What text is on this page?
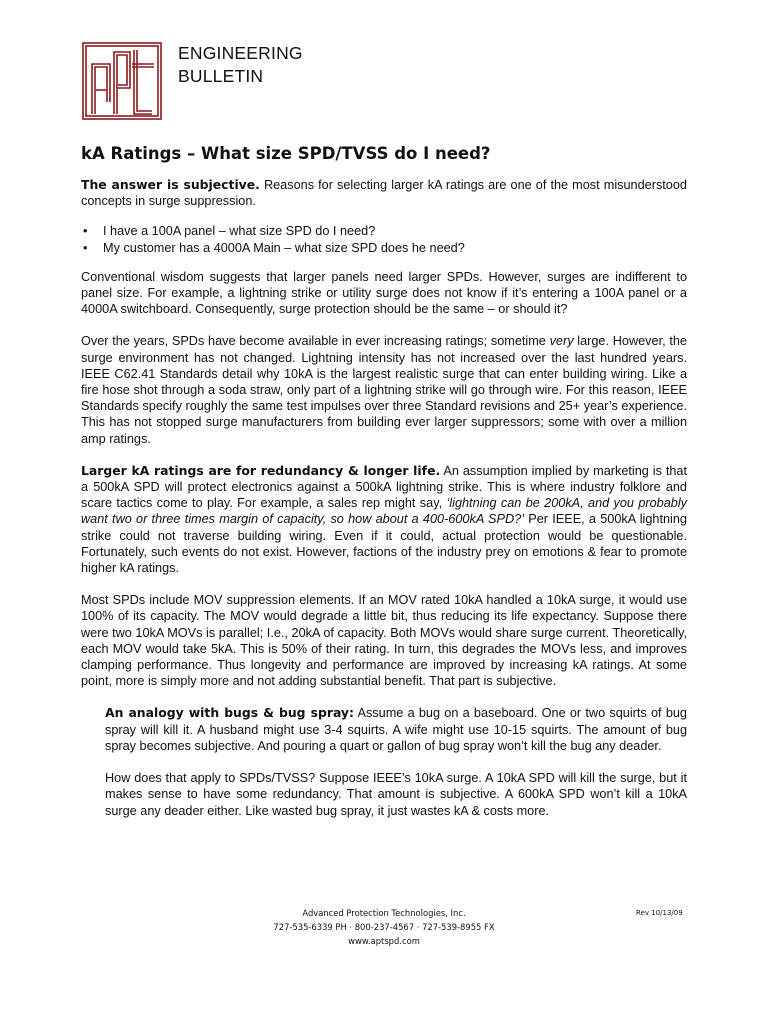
ENGINEERING
BULLETIN
kA Ratings – What size SPD/TVSS do I need?

The answer is subjective. Reasons for selecting larger kA ratings are one of the most misunderstood concepts in surge suppression.

• I have a 100A panel – what size SPD do I need?
• My customer has a 4000A Main – what size SPD does he need?

Conventional wisdom suggests that larger panels need larger SPDs. However, surges are indifferent to panel size. For example, a lightning strike or utility surge does not know if it’s entering a 100A panel or a 4000A switchboard. Consequently, surge protection should be the same – or should it?

Over the years, SPDs have become available in ever increasing ratings; sometime very large. However, the surge environment has not changed. Lightning intensity has not increased over the last hundred years. IEEE C62.41 Standards detail why 10kA is the largest realistic surge that can enter building wiring. Like a fire hose shot through a soda straw, only part of a lightning strike will go through wire. For this reason, IEEE Standards specify roughly the same test impulses over three Standard revisions and 25+ year’s experience. This has not stopped surge manufacturers from building ever larger suppressors; some with over a million amp ratings.

Larger kA ratings are for redundancy & longer life. An assumption implied by marketing is that a 500kA SPD will protect electronics against a 500kA lightning strike. This is where industry folklore and scare tactics come to play. For example, a sales rep might say, ‘lightning can be 200kA, and you probably want two or three times margin of capacity, so how about a 400-600kA SPD?’ Per IEEE, a 500kA lightning strike could not traverse building wiring. Even if it could, actual protection would be questionable. Fortunately, such events do not exist. However, factions of the industry prey on emotions & fear to promote higher kA ratings.

Most SPDs include MOV suppression elements. If an MOV rated 10kA handled a 10kA surge, it would use 100% of its capacity. The MOV would degrade a little bit, thus reducing its life expectancy. Suppose there were two 10kA MOVs is parallel; I.e., 20kA of capacity. Both MOVs would share surge current. Theoretically, each MOV would take 5kA. This is 50% of their rating. In turn, this degrades the MOVs less, and improves clamping performance. Thus longevity and performance are improved by increasing kA ratings. At some point, more is simply more and not adding substantial benefit. That part is subjective.

An analogy with bugs & bug spray: Assume a bug on a baseboard. One or two squirts of bug spray will kill it. A husband might use 3-4 squirts. A wife might use 10-15 squirts. The amount of bug spray becomes subjective. And pouring a quart or gallon of bug spray won’t kill the bug any deader.

How does that apply to SPDs/TVSS? Suppose IEEE’s 10kA surge. A 10kA SPD will kill the surge, but it makes sense to have some redundancy. That amount is subjective. A 600kA SPD won’t kill a 10kA surge any deader either. Like wasted bug spray, it just wastes kA & costs more.

Advanced Protection Technologies, Inc.
727-535-6339 PH · 800-237-4567 · 727-539-8955 FX
www.aptspd.com
Rev 10/13/09
